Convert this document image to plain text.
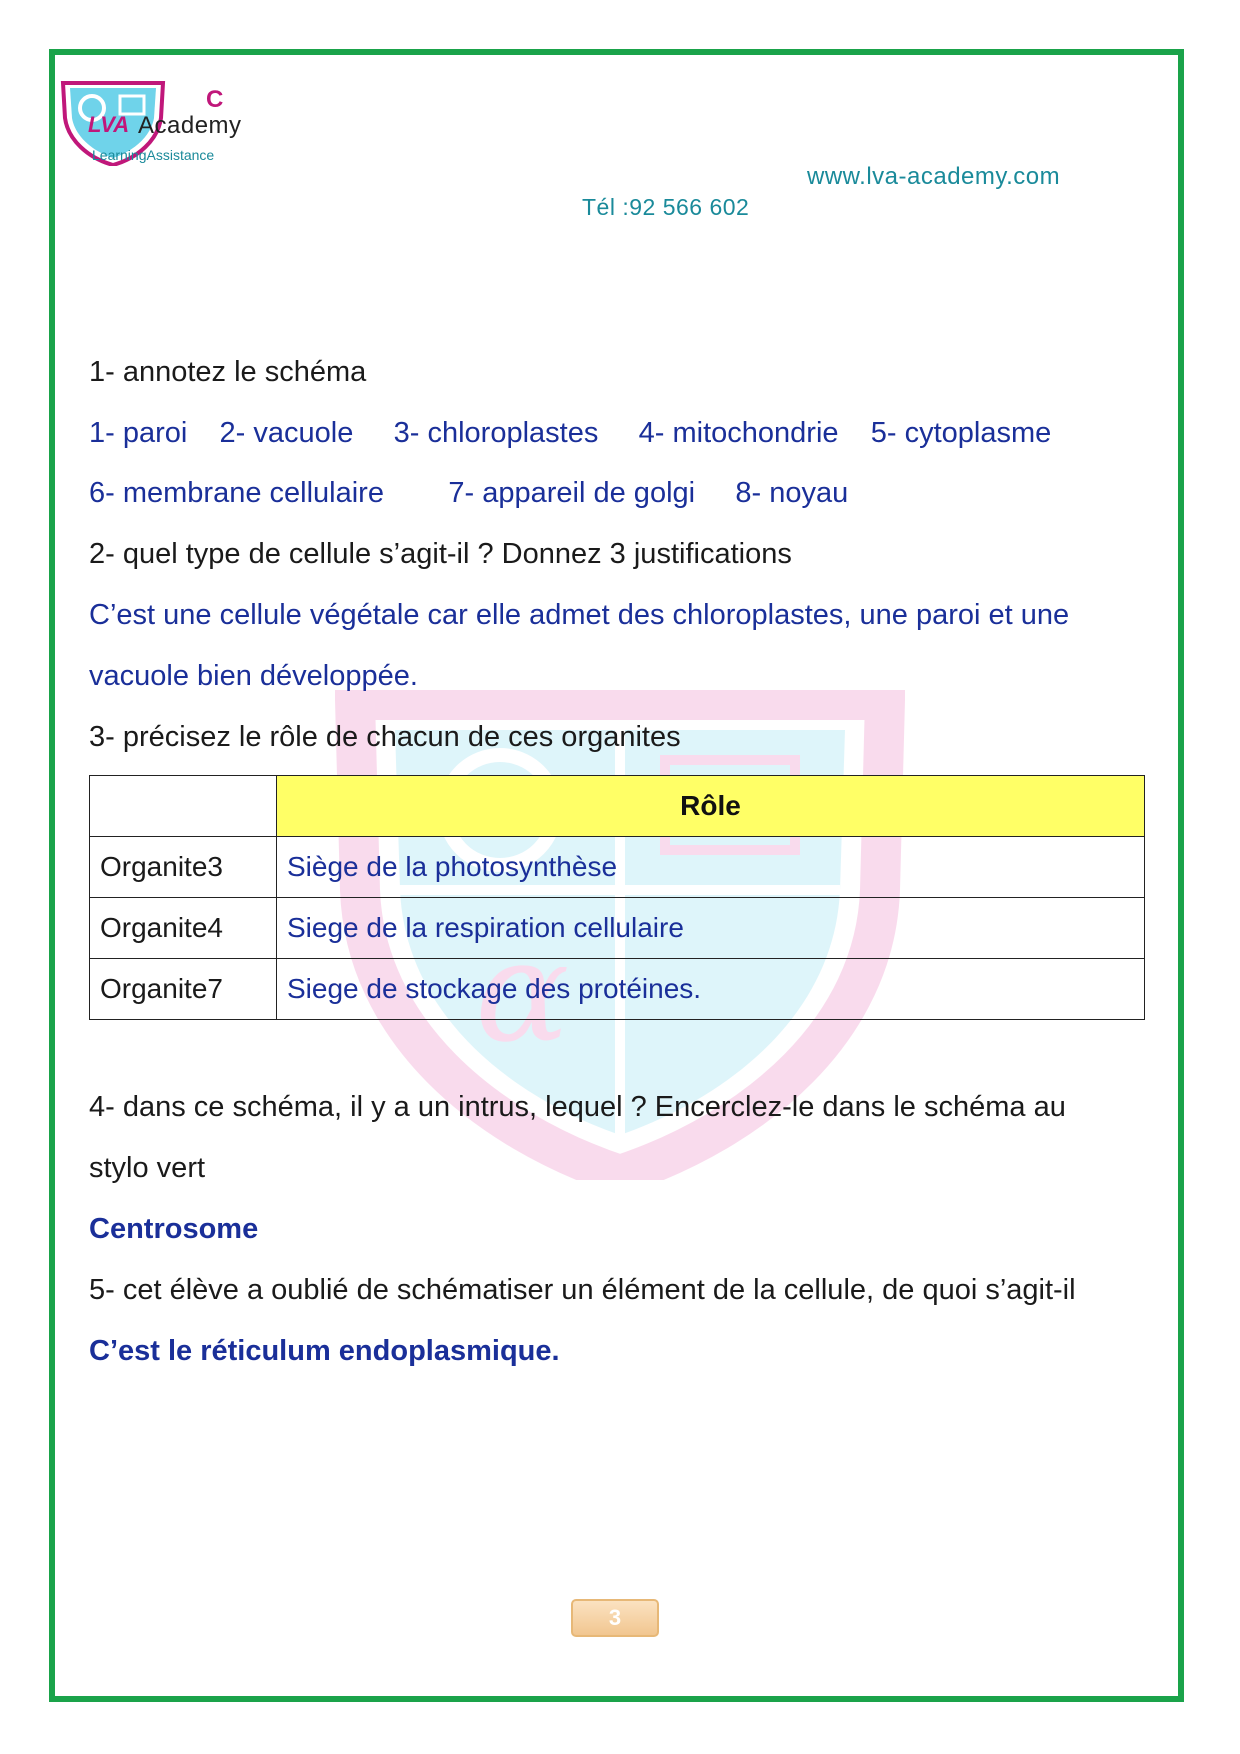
α
C
LVA Academy
LearningAssistance
www.lva-academy.com
Tél :92 566 602
1- annotez le schéma
1- paroi    2- vacuole     3- chloroplastes     4- mitochondrie    5- cytoplasme
6- membrane cellulaire        7- appareil de golgi     8- noyau
2- quel type de cellule s’agit-il ? Donnez 3 justifications
C’est une cellule végétale car elle admet des chloroplastes, une paroi et une
vacuole bien développée.
3- précisez le rôle de chacun de ces organites
	Rôle
Organite3	Siège de la photosynthèse
Organite4	Siege de la respiration cellulaire
Organite7	Siege de stockage des protéines.
4- dans ce schéma, il y a un intrus, lequel ? Encerclez-le dans le schéma au
stylo vert
Centrosome
5- cet élève a oublié de schématiser un élément de la cellule, de quoi s’agit-il
C’est le réticulum endoplasmique.
3
